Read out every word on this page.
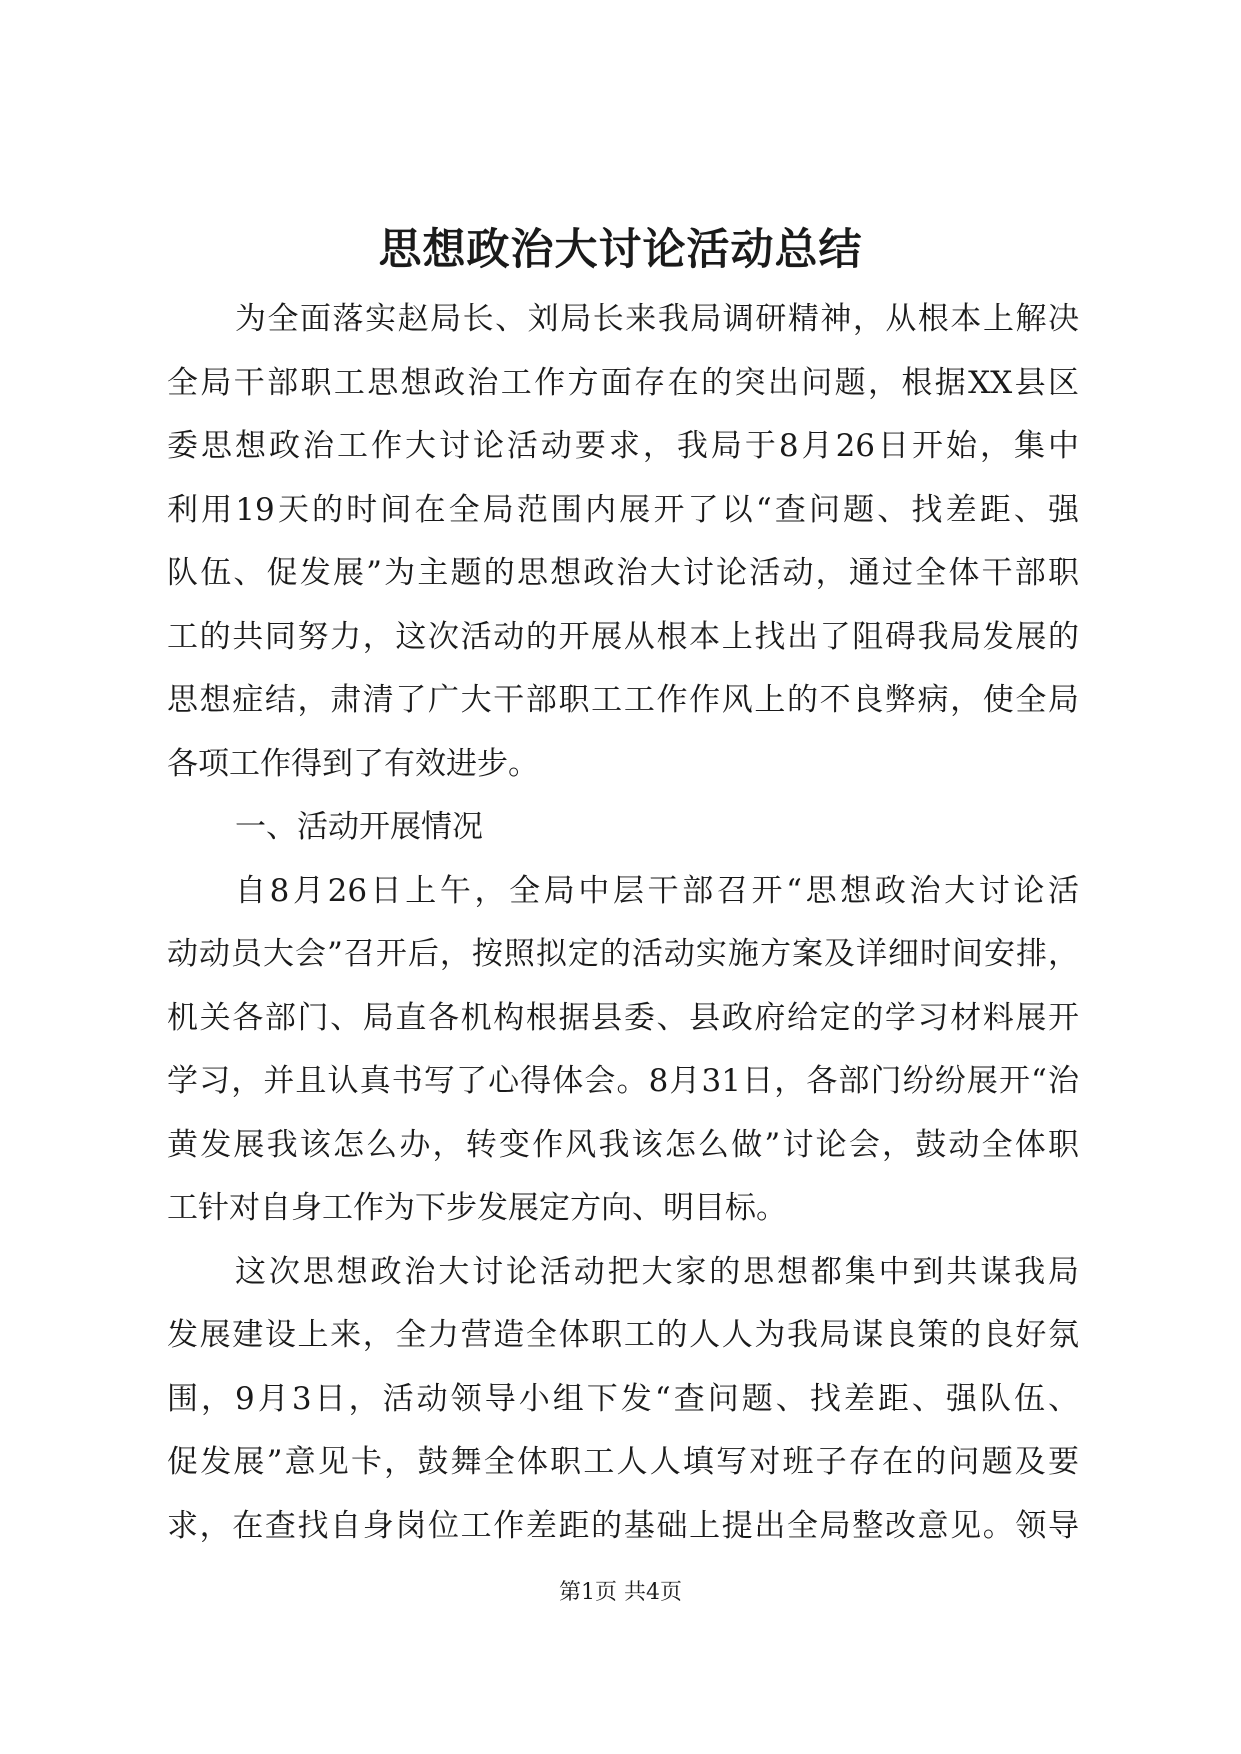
思想政治大讨论活动总结
为全面落实赵局长、刘局长来我局调研精神，从根本上解决
全局干部职工思想政治工作方面存在的突出问题，根据XX县区
委思想政治工作大讨论活动要求，我局于8月26日开始，集中
利用19天的时间在全局范围内展开了以“查问题、找差距、强
队伍、促发展”为主题的思想政治大讨论活动，通过全体干部职
工的共同努力，这次活动的开展从根本上找出了阻碍我局发展的
思想症结，肃清了广大干部职工工作作风上的不良弊病，使全局
各项工作得到了有效进步。
一、活动开展情况
自8月26日上午，全局中层干部召开“思想政治大讨论活
动动员大会”召开后，按照拟定的活动实施方案及详细时间安排，
机关各部门、局直各机构根据县委、县政府给定的学习材料展开
学习，并且认真书写了心得体会。8月31日，各部门纷纷展开“治
黄发展我该怎么办，转变作风我该怎么做”讨论会，鼓动全体职
工针对自身工作为下步发展定方向、明目标。
这次思想政治大讨论活动把大家的思想都集中到共谋我局
发展建设上来，全力营造全体职工的人人为我局谋良策的良好氛
围，9月3日，活动领导小组下发“查问题、找差距、强队伍、
促发展”意见卡，鼓舞全体职工人人填写对班子存在的问题及要
求，在查找自身岗位工作差距的基础上提出全局整改意见。领导
第1页 共4页
